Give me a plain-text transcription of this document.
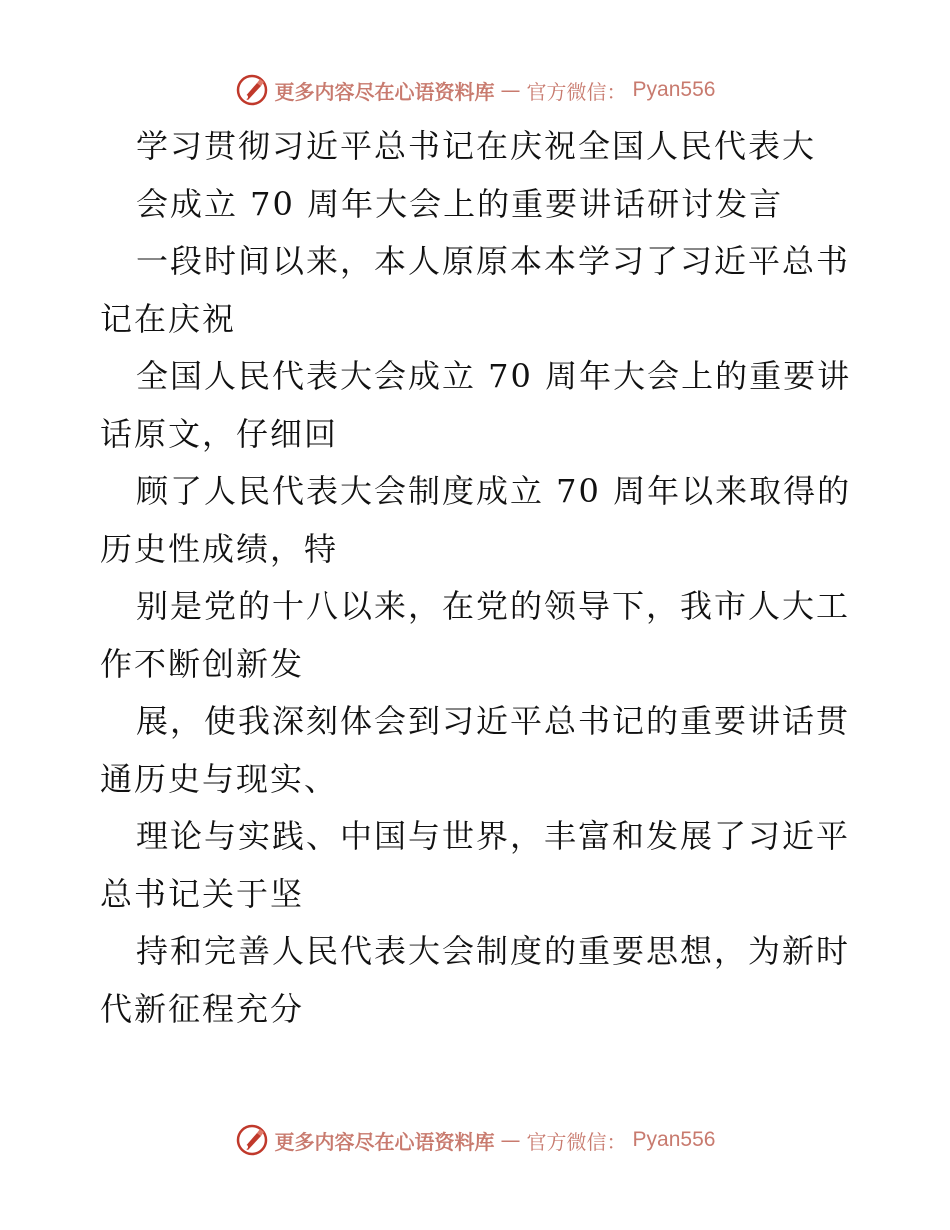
更多内容尽在心语资料库 — 官方微信： Pyan556
学习贯彻习近平总书记在庆祝全国人民代表大
会成立 70 周年大会上的重要讲话研讨发言
一段时间以来，本人原原本本学习了习近平总书
记在庆祝
全国人民代表大会成立 70 周年大会上的重要讲
话原文，仔细回
顾了人民代表大会制度成立 70 周年以来取得的
历史性成绩，特
别是党的十八以来，在党的领导下，我市人大工
作不断创新发
展，使我深刻体会到习近平总书记的重要讲话贯
通历史与现实、
理论与实践、中国与世界，丰富和发展了习近平
总书记关于坚
持和完善人民代表大会制度的重要思想，为新时
代新征程充分
更多内容尽在心语资料库 — 官方微信： Pyan556
